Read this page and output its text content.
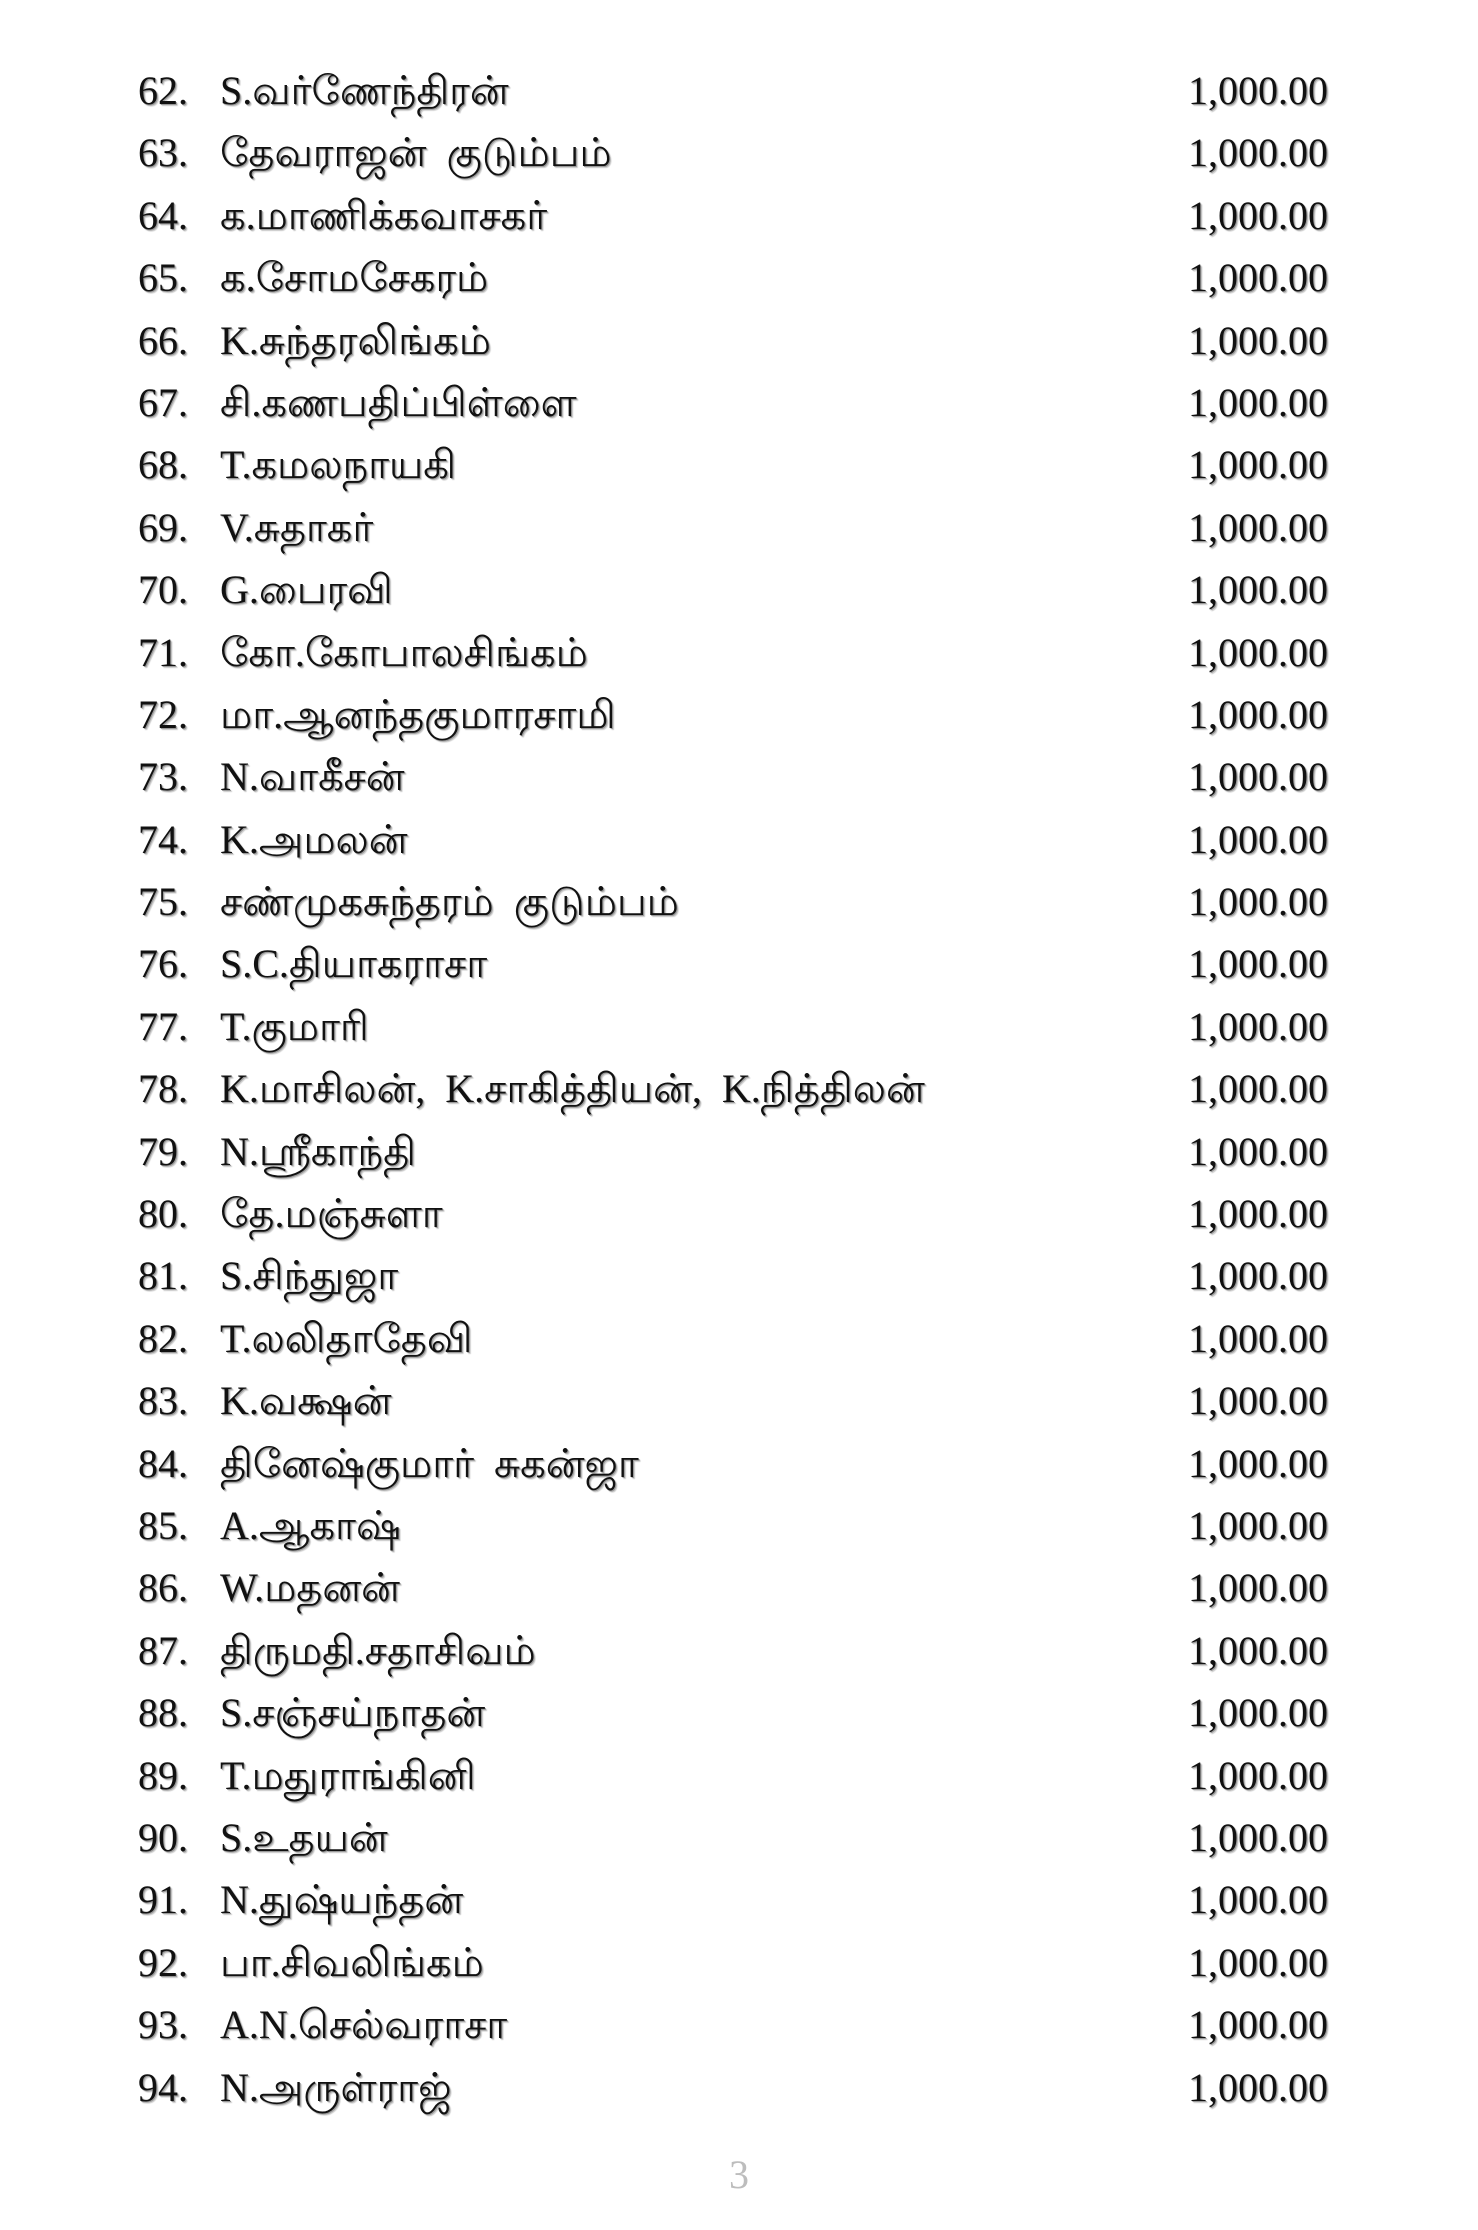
62. S.வர்ணேந்திரன்	1,000.00
63. தேவராஜன் குடும்பம்	1,000.00
64. க.மாணிக்கவாசகர்	1,000.00
65. க.சோமசேகரம்	1,000.00
66. K.சுந்தரலிங்கம்	1,000.00
67. சி.கணபதிப்பிள்ளை	1,000.00
68. T.கமலநாயகி	1,000.00
69. V.சுதாகர்	1,000.00
70. G.பைரவி	1,000.00
71. கோ.கோபாலசிங்கம்	1,000.00
72. மா.ஆனந்தகுமாரசாமி	1,000.00
73. N.வாகீசன்	1,000.00
74. K.அமலன்	1,000.00
75. சண்முகசுந்தரம் குடும்பம்	1,000.00
76. S.C.தியாகராசா	1,000.00
77. T.குமாரி	1,000.00
78. K.மாசிலன், K.சாகித்தியன், K.நித்திலன்	1,000.00
79. N.ஸ்ரீகாந்தி	1,000.00
80. தே.மஞ்சுளா	1,000.00
81. S.சிந்துஜா	1,000.00
82. T.லலிதாதேவி	1,000.00
83. K.வக்ஷன்	1,000.00
84. தினேஷ்குமார் சுகன்ஜா	1,000.00
85. A.ஆகாஷ்	1,000.00
86. W.மதனன்	1,000.00
87. திருமதி.சதாசிவம்	1,000.00
88. S.சஞ்சய்நாதன்	1,000.00
89. T.மதுராங்கினி	1,000.00
90. S.உதயன்	1,000.00
91. N.துஷ்யந்தன்	1,000.00
92. பா.சிவலிங்கம்	1,000.00
93. A.N.செல்வராசா	1,000.00
94. N.அருள்ராஜ்	1,000.00
3
